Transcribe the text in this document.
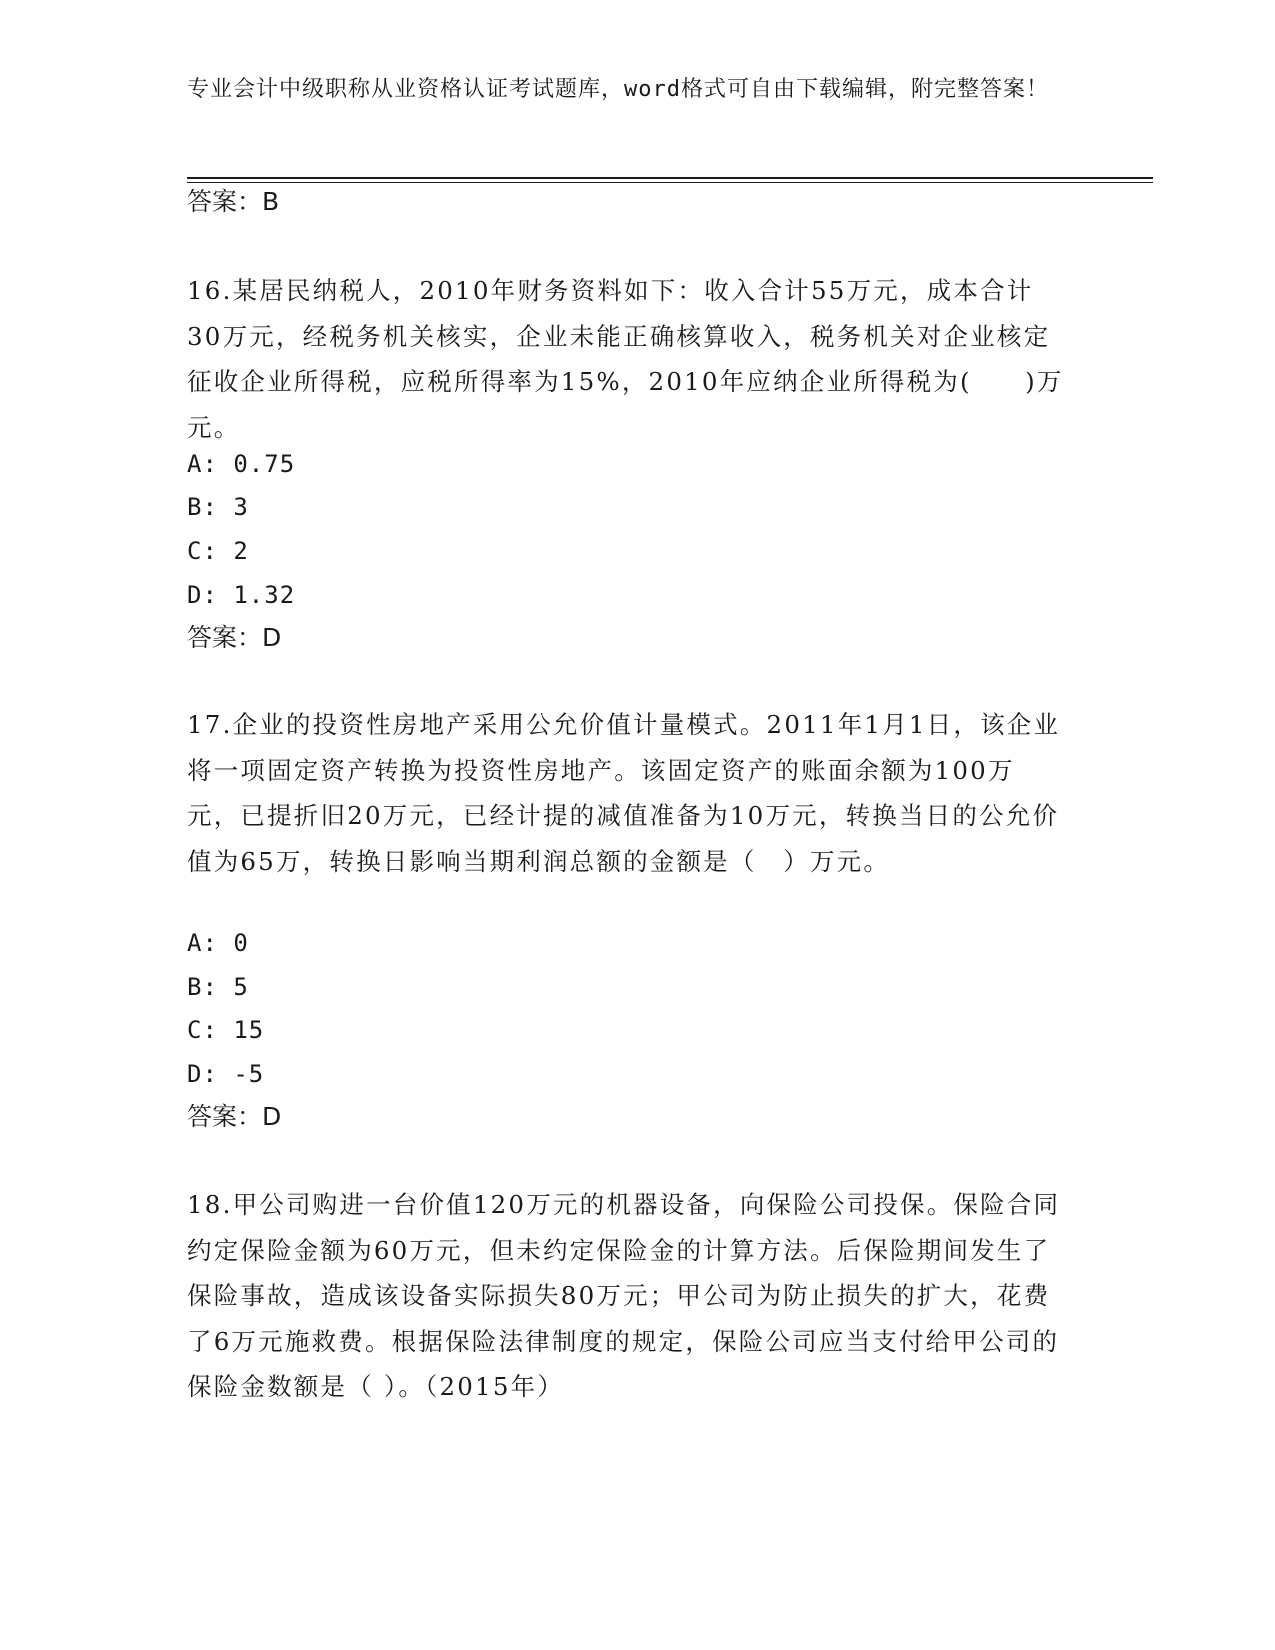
专业会计中级职称从业资格认证考试题库，word格式可自由下载编辑，附完整答案！
答案：B
16.某居民纳税人，2010年财务资料如下：收入合计55万元，成本合计30万元，经税务机关核实，企业未能正确核算收入，税务机关对企业核定征收企业所得税，应税所得率为15%，2010年应纳企业所得税为(　　)万元。
A: 0.75
B: 3
C: 2
D: 1.32
答案：D
17.企业的投资性房地产采用公允价值计量模式。2011年1月1日，该企业将一项固定资产转换为投资性房地产。该固定资产的账面余额为100万元，已提折旧20万元，已经计提的减值准备为10万元，转换当日的公允价值为65万，转换日影响当期利润总额的金额是（　）万元。
A: 0
B: 5
C: 15
D: -5
答案：D
18.甲公司购进一台价值120万元的机器设备，向保险公司投保。保险合同约定保险金额为60万元，但未约定保险金的计算方法。后保险期间发生了保险事故，造成该设备实际损失80万元；甲公司为防止损失的扩大，花费了6万元施救费。根据保险法律制度的规定，保险公司应当支付给甲公司的保险金数额是（ ）。（2015年）
